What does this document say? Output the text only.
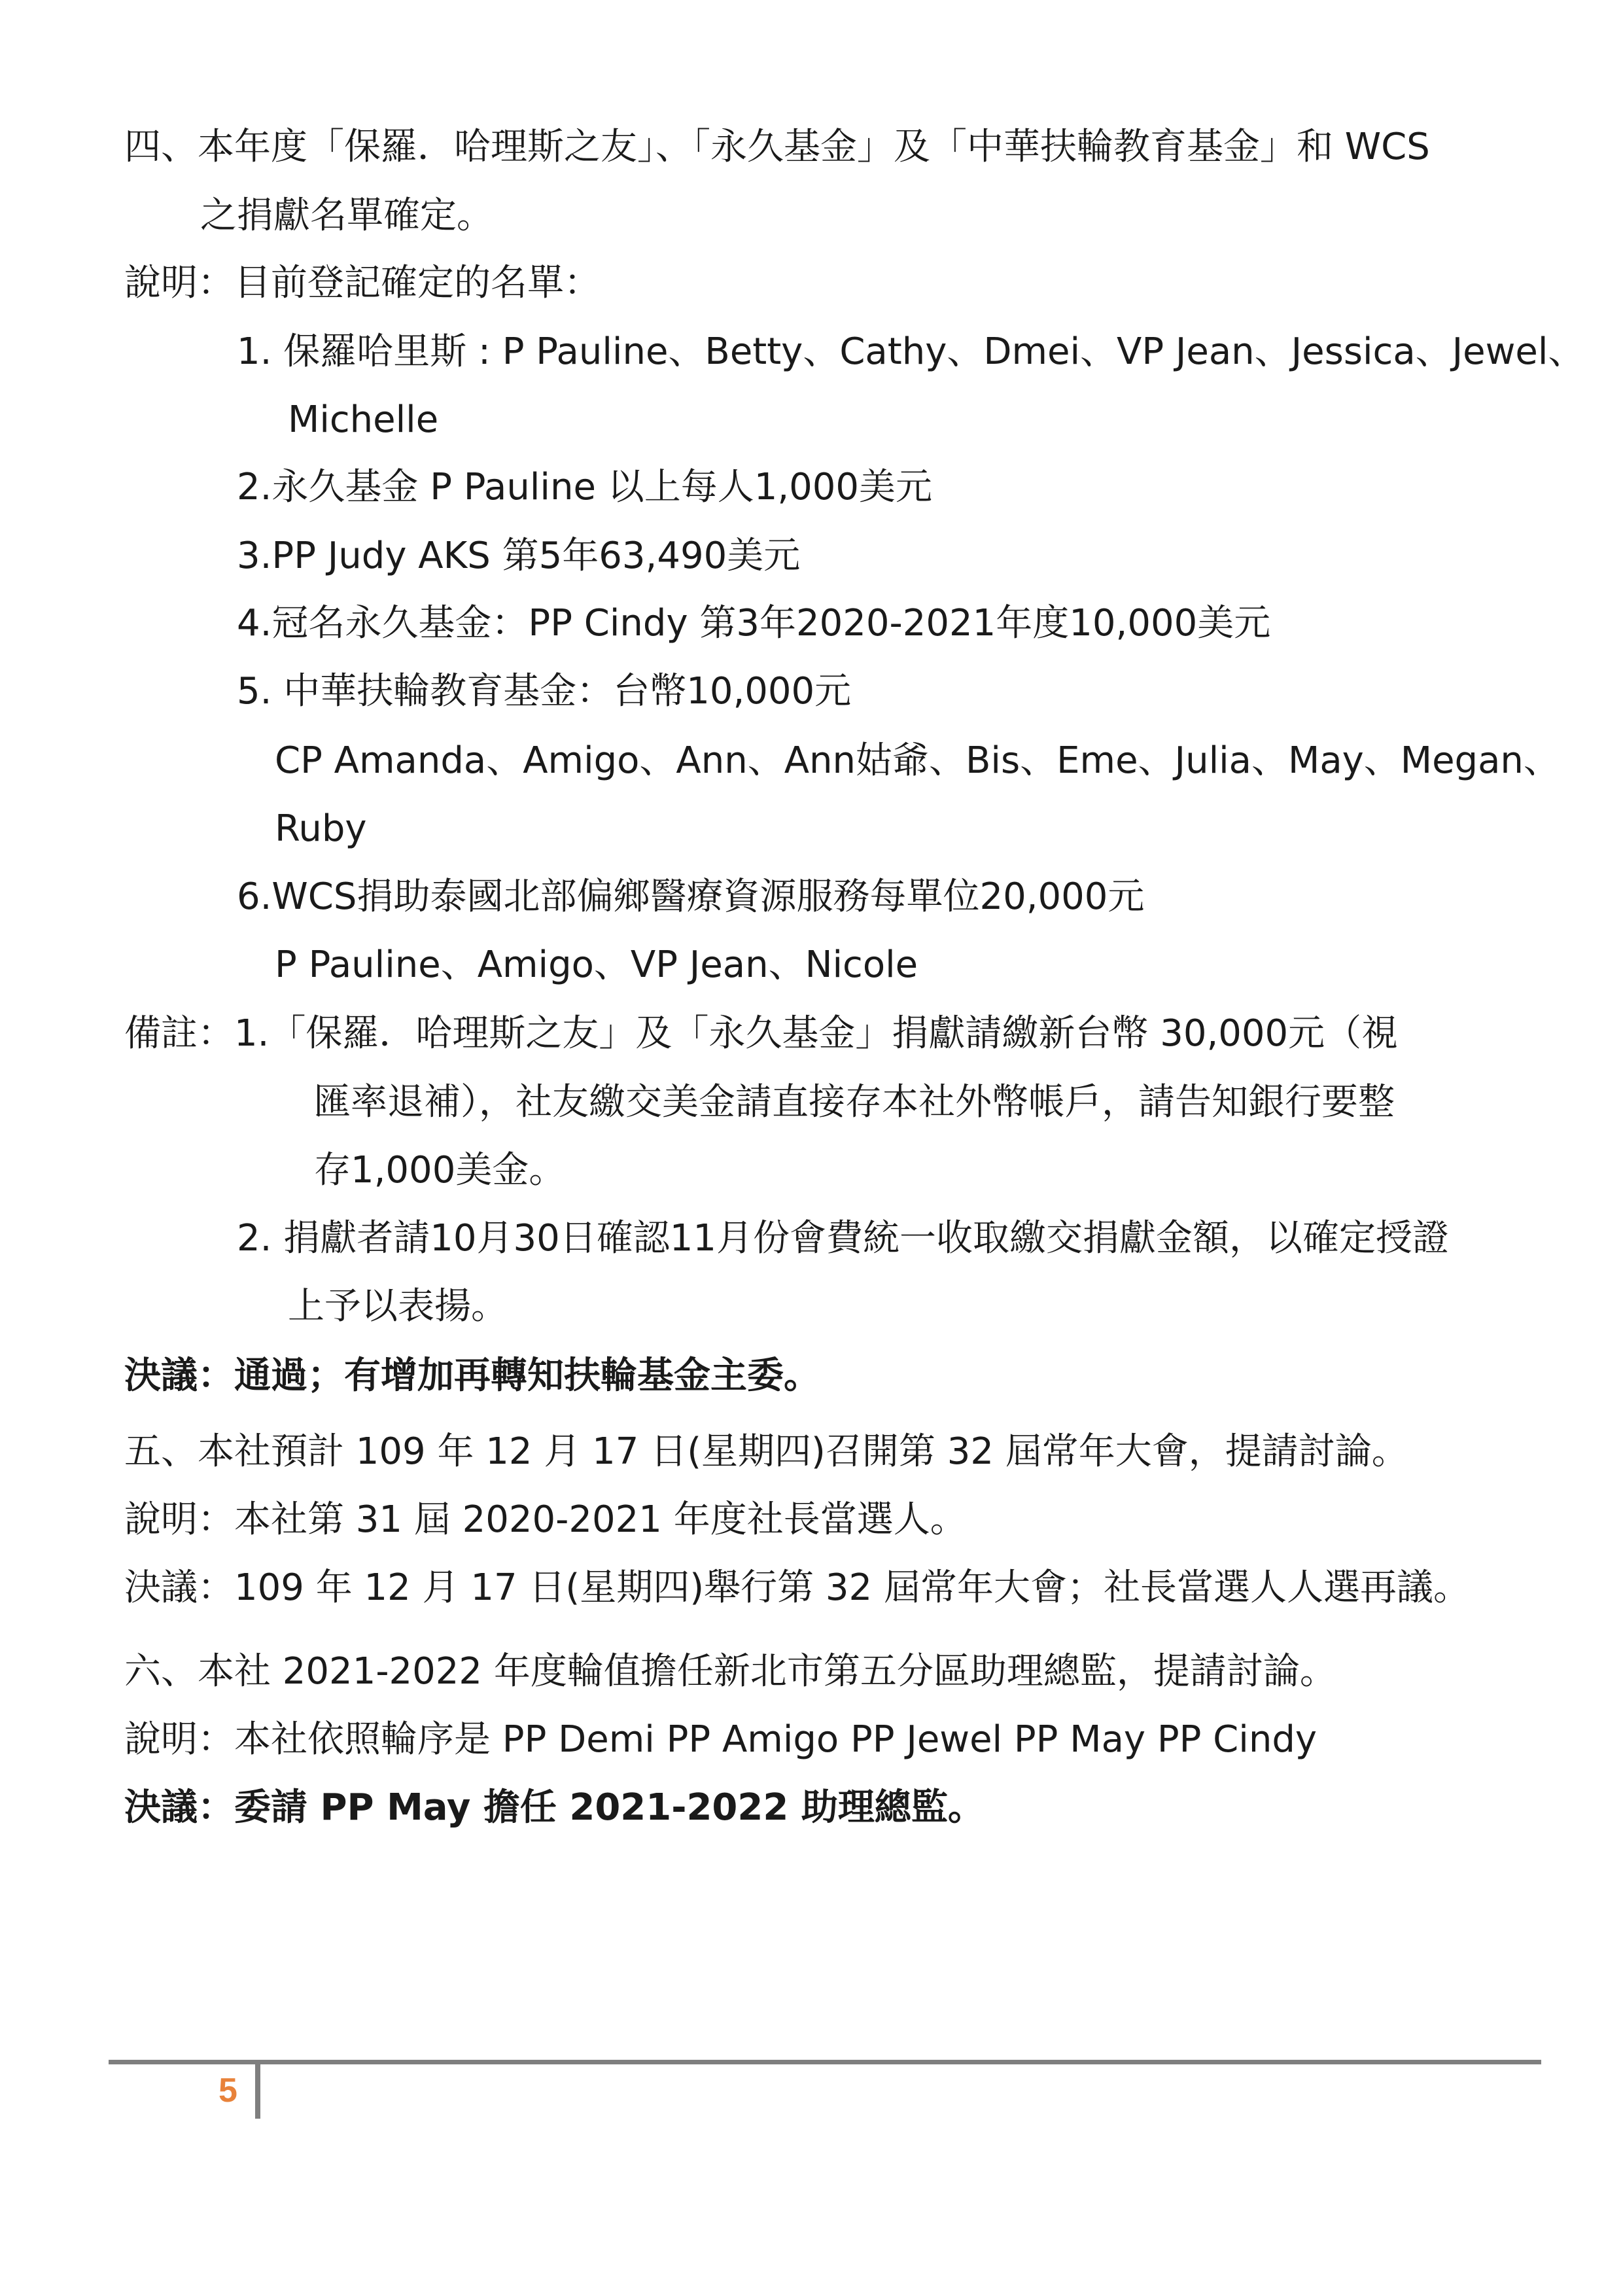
四、本年度「保羅．哈理斯之友」、「永久基金」及「中華扶輪教育基金」和 WCS
之捐獻名單確定。
說明：目前登記確定的名單：
1. 保羅哈里斯 : P Pauline、Betty、Cathy、Dmei、VP Jean、Jessica、Jewel、
Michelle
2.永久基金 P Pauline 以上每人1,000美元
3.PP Judy AKS 第5年63,490美元
4.冠名永久基金：PP Cindy 第3年2020-2021年度10,000美元
5. 中華扶輪教育基金：台幣10,000元
CP Amanda、Amigo、Ann、Ann姑爺、Bis、Eme、Julia、May、Megan、
Ruby
6.WCS捐助泰國北部偏鄉醫療資源服務每單位20,000元
P Pauline、Amigo、VP Jean、Nicole
備註：1.「保羅．哈理斯之友」及「永久基金」捐獻請繳新台幣 30,000元（視
匯率退補），社友繳交美金請直接存本社外幣帳戶，請告知銀行要整
存1,000美金。
2. 捐獻者請10月30日確認11月份會費統一收取繳交捐獻金額，以確定授證
上予以表揚。
決議：通過；有增加再轉知扶輪基金主委。
五、本社預計 109 年 12 月 17 日(星期四)召開第 32 屆常年大會，提請討論。
說明：本社第 31 屆 2020-2021 年度社長當選人。
決議：109 年 12 月 17 日(星期四)舉行第 32 屆常年大會；社長當選人人選再議。
六、本社 2021-2022 年度輪值擔任新北市第五分區助理總監，提請討論。
說明：本社依照輪序是 PP Demi PP Amigo PP Jewel PP May PP Cindy
決議：委請 PP May 擔任 2021-2022 助理總監。
5
